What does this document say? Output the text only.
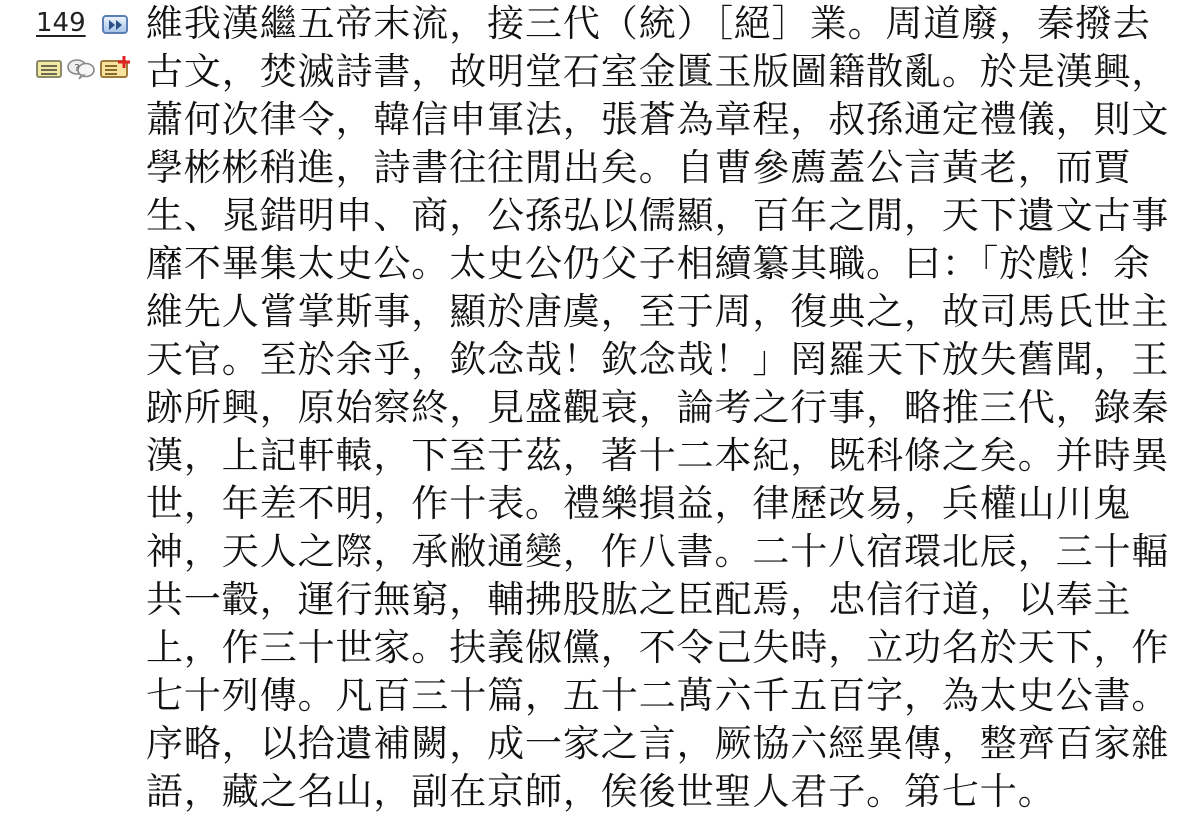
149
?
維我漢繼五帝末流，接三代（統）［絕］業。周道廢，秦撥去
古文，焚滅詩書，故明堂石室金匱玉版圖籍散亂。於是漢興，
蕭何次律令，韓信申軍法，張蒼為章程，叔孫通定禮儀，則文
學彬彬稍進，詩書往往閒出矣。自曹參薦蓋公言黃老，而賈
生、晁錯明申、商，公孫弘以儒顯，百年之閒，天下遺文古事
靡不畢集太史公。太史公仍父子相續纂其職。曰：「於戲！余
維先人嘗掌斯事，顯於唐虞，至于周，復典之，故司馬氏世主
天官。至於余乎，欽念哉！欽念哉！」罔羅天下放失舊聞，王
跡所興，原始察終，見盛觀衰，論考之行事，略推三代，錄秦
漢，上記軒轅，下至于茲，著十二本紀，既科條之矣。并時異
世，年差不明，作十表。禮樂損益，律歷改易，兵權山川鬼
神，天人之際，承敝通變，作八書。二十八宿環北辰，三十輻
共一轂，運行無窮，輔拂股肱之臣配焉，忠信行道，以奉主
上，作三十世家。扶義俶儻，不令己失時，立功名於天下，作
七十列傳。凡百三十篇，五十二萬六千五百字，為太史公書。
序略，以拾遺補闕，成一家之言，厥協六經異傳，整齊百家雜
語，藏之名山，副在京師，俟後世聖人君子。第七十。
